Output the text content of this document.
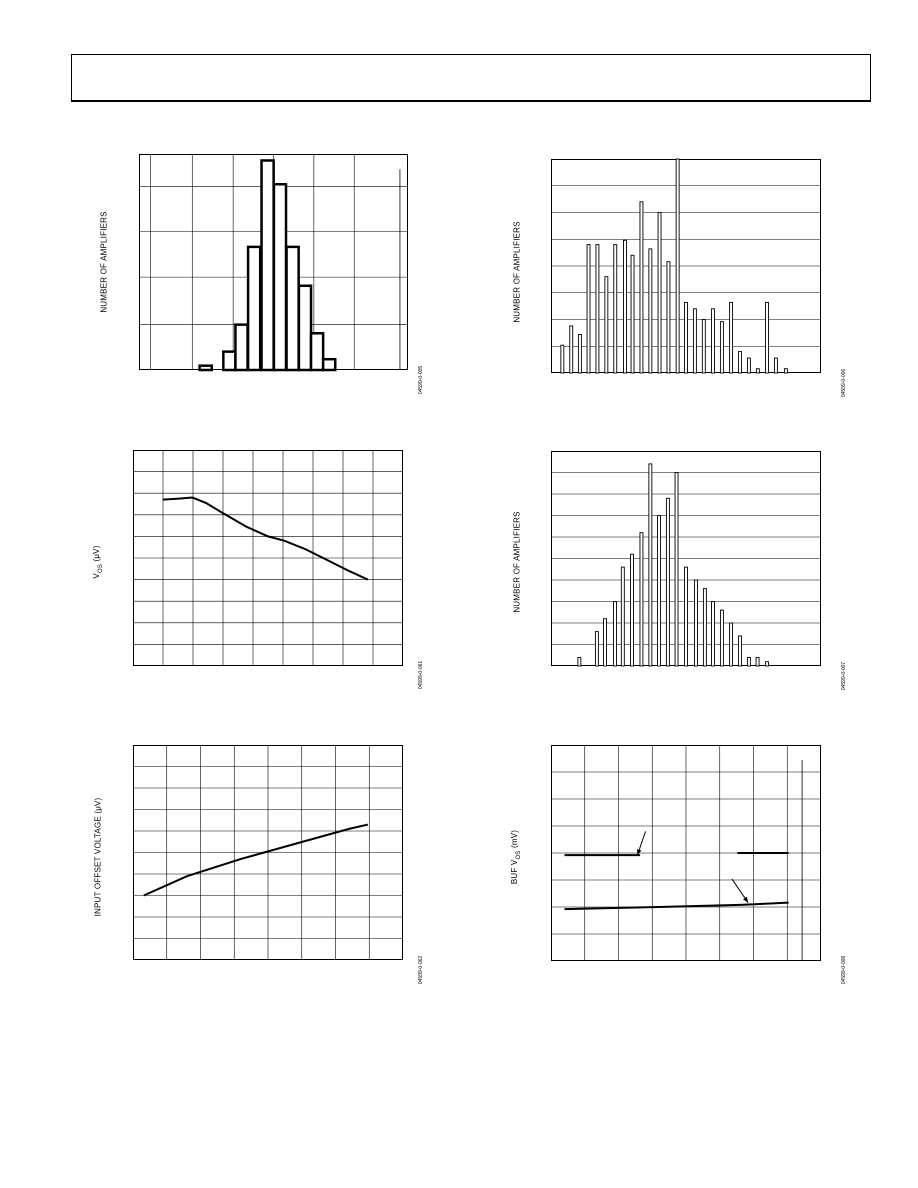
NUMBER OF AMPLIFIERS
04599-0-005
NUMBER OF AMPLIFIERS
04599-0-006
$V_{OS}$ (μV)
04599-0-061
NUMBER OF AMPLIFIERS
04599-0-007
INPUT OFFSET VOLTAGE (μV)
04599-0-062
BUF $V_{OS}$ (mV)
04599-0-008
